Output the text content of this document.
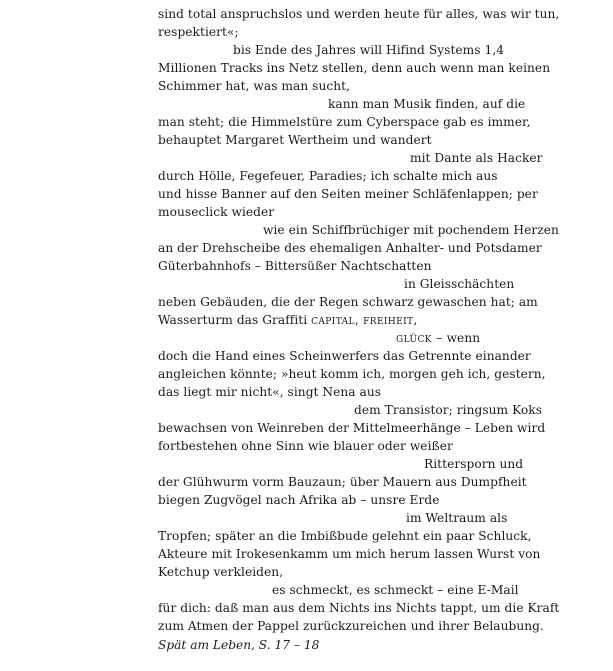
sind total anspruchslos und werden heute für alles, was wir tun,
respektiert«;
bis Ende des Jahres will Hifind Systems 1,4
Millionen Tracks ins Netz stellen, denn auch wenn man keinen
Schimmer hat, was man sucht,
kann man Musik finden, auf die
man steht; die Himmelstüre zum Cyberspace gab es immer,
behauptet Margaret Wertheim und wandert
mit Dante als Hacker
durch Hölle, Fegefeuer, Paradies; ich schalte mich aus
und hisse Banner auf den Seiten meiner Schläfenlappen; per
mouseclick wieder
wie ein Schiffbrüchiger mit pochendem Herzen
an der Drehscheibe des ehemaligen Anhalter- und Potsdamer
Güterbahnhofs – Bittersüßer Nachtschatten
in Gleisschächten
neben Gebäuden, die der Regen schwarz gewaschen hat; am
Wasserturm das Graffiti capital, freiheit,
glück – wenn
doch die Hand eines Scheinwerfers das Getrennte einander
angleichen könnte; »heut komm ich, morgen geh ich, gestern,
das liegt mir nicht«, singt Nena aus
dem Transistor; ringsum Koks
bewachsen von Weinreben der Mittelmeerhänge – Leben wird
fortbestehen ohne Sinn wie blauer oder weißer
Rittersporn und
der Glühwurm vorm Bauzaun; über Mauern aus Dumpfheit
biegen Zugvögel nach Afrika ab – unsre Erde
im Weltraum als
Tropfen; später an die Imbißbude gelehnt ein paar Schluck,
Akteure mit Irokesenkamm um mich herum lassen Wurst von
Ketchup verkleiden,
es schmeckt, es schmeckt – eine E-Mail
für dich: daß man aus dem Nichts ins Nichts tappt, um die Kraft
zum Atmen der Pappel zurückzureichen und ihrer Belaubung.
Spät am Leben, S. 17 – 18
